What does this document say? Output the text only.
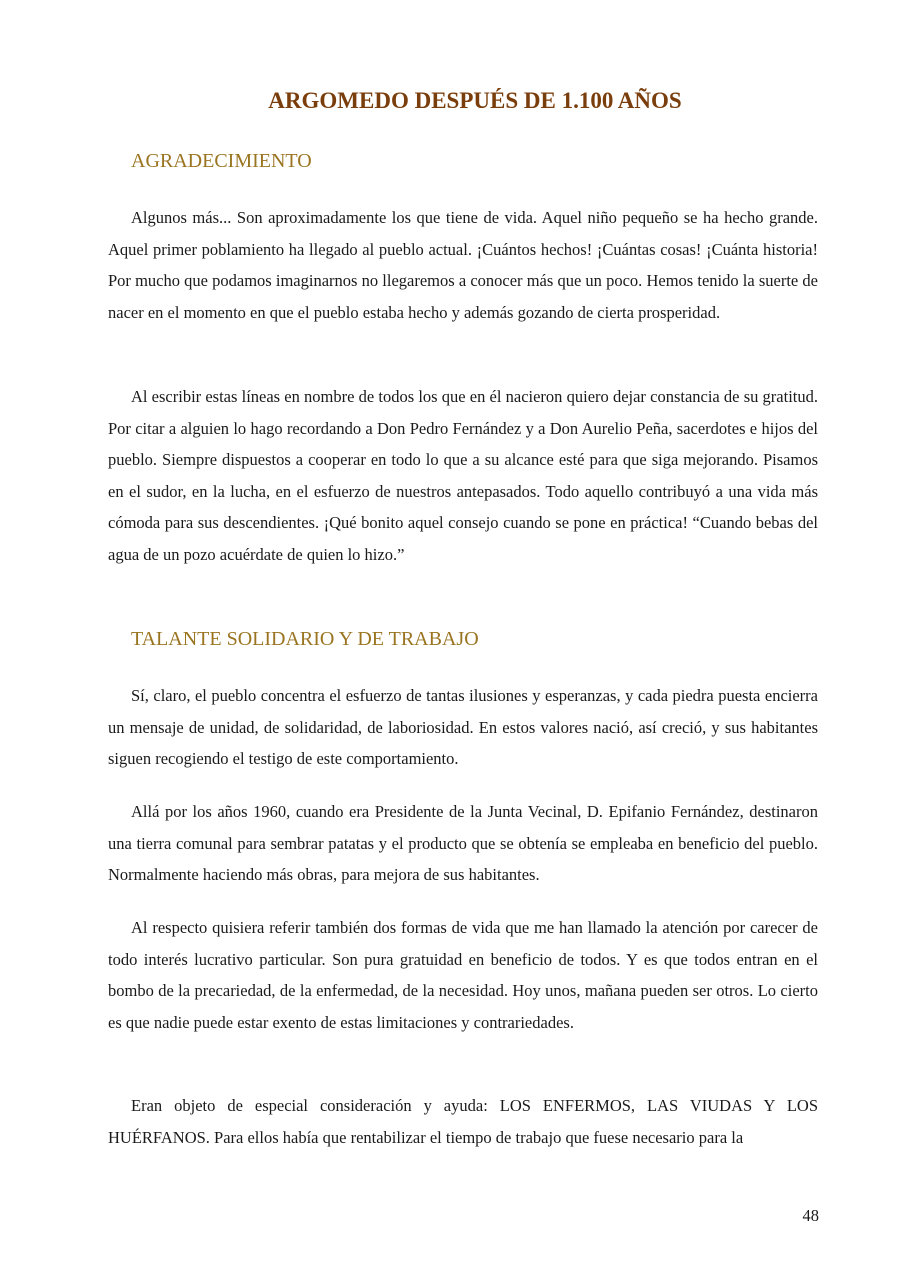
ARGOMEDO DESPUÉS DE 1.100 AÑOS
AGRADECIMIENTO

Algunos más... Son aproximadamente los que tiene de vida. Aquel niño pequeño se ha hecho grande. Aquel primer poblamiento ha llegado al pueblo actual. ¡Cuántos hechos! ¡Cuántas cosas! ¡Cuánta historia! Por mucho que podamos imaginarnos no llegaremos a conocer más que un poco. Hemos tenido la suerte de nacer en el momento en que el pueblo estaba hecho y además gozando de cierta prosperidad.

Al escribir estas líneas en nombre de todos los que en él nacieron quiero dejar constancia de su gratitud. Por citar a alguien lo hago recordando a Don Pedro Fernández y a Don Aurelio Peña, sacerdotes e hijos del pueblo. Siempre dispuestos a cooperar en todo lo que a su alcance esté para que siga mejorando. Pisamos en el sudor, en la lucha, en el esfuerzo de nuestros antepasados. Todo aquello contribuyó a una vida más cómoda para sus descendientes. ¡Qué bonito aquel consejo cuando se pone en práctica! “Cuando bebas del agua de un pozo acuérdate de quien lo hizo.”

TALANTE SOLIDARIO Y DE TRABAJO

Sí, claro, el pueblo concentra el esfuerzo de tantas ilusiones y esperanzas, y cada piedra puesta encierra un mensaje de unidad, de solidaridad, de laboriosidad. En estos valores nació, así creció, y sus habitantes siguen recogiendo el testigo de este comportamiento.

Allá por los años 1960, cuando era Presidente de la Junta Vecinal, D. Epifanio Fernández, destinaron una tierra comunal para sembrar patatas y el producto que se obtenía se empleaba en beneficio del pueblo. Normalmente haciendo más obras, para mejora de sus habitantes.

Al respecto quisiera referir también dos formas de vida que me han llamado la atención por carecer de todo interés lucrativo particular. Son pura gratuidad en beneficio de todos. Y es que todos entran en el bombo de la precariedad, de la enfermedad, de la necesidad. Hoy unos, mañana pueden ser otros. Lo cierto es que nadie puede estar exento de estas limitaciones y contrariedades.

Eran objeto de especial consideración y ayuda: LOS ENFERMOS, LAS VIUDAS Y LOS HUÉRFANOS. Para ellos había que rentabilizar el tiempo de trabajo que fuese necesario para la

48
